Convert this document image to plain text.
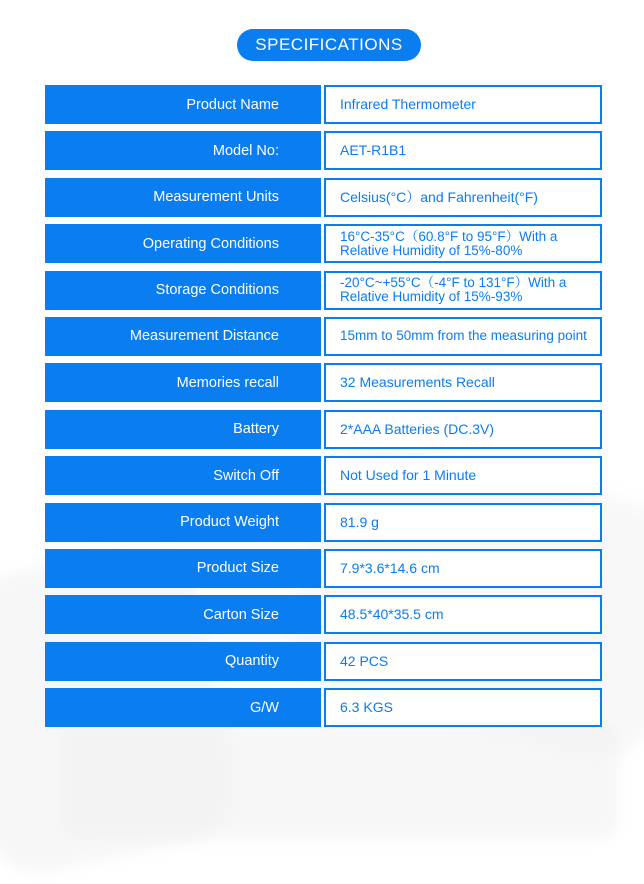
SPECIFICATIONS
Product Name	Infrared Thermometer
Model No:	AET-R1B1
Measurement Units	Celsius(°C）and Fahrenheit(°F)
Operating Conditions	16°C-35°C（60.8°F to 95°F）With a Relative Humidity of 15%-80%
Storage Conditions	-20°C~+55°C（-4°F to 131°F）With a Relative Humidity of 15%-93%
Measurement Distance	15mm to 50mm from the measuring point
Memories recall	32 Measurements Recall
Battery	2*AAA Batteries (DC.3V)
Switch Off	Not Used for 1 Minute
Product Weight	81.9 g
Product Size	7.9*3.6*14.6 cm
Carton Size	48.5*40*35.5 cm
Quantity	42 PCS
G/W	6.3 KGS
